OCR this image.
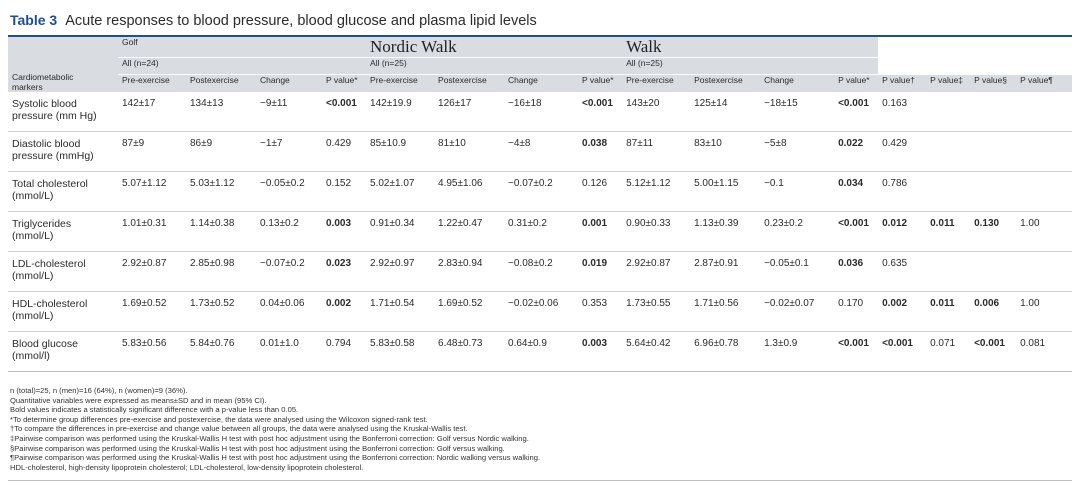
Table 3 Acute responses to blood pressure, blood glucose and plasma lipid levels
Cardiometabolic
markers	Golf				Nordic Walk				Walk							
	All (n=24)				All (n=25)				All (n=25)							
	Pre-exercise	Postexercise	Change	P value*	Pre-exercise	Postexercise	Change	P value*	Pre-exercise	Postexercise	Change	P value*	P value†	P value‡	P value§	P value¶
Systolic blood
pressure (mm Hg)	142±17	134±13	−9±11	<0.001	142±19.9	126±17	−16±18	<0.001	143±20	125±14	−18±15	<0.001	0.163			
Diastolic blood
pressure (mmHg)	87±9	86±9	−1±7	0.429	85±10.9	81±10	−4±8	0.038	87±11	83±10	−5±8	0.022	0.429			
Total cholesterol
(mmol/L)	5.07±1.12	5.03±1.12	−0.05±0.2	0.152	5.02±1.07	4.95±1.06	−0.07±0.2	0.126	5.12±1.12	5.00±1.15	−0.1	0.034	0.786			
Triglycerides
(mmol/L)	1.01±0.31	1.14±0.38	0.13±0.2	0.003	0.91±0.34	1.22±0.47	0.31±0.2	0.001	0.90±0.33	1.13±0.39	0.23±0.2	<0.001	0.012	0.011	0.130	1.00
LDL-cholesterol
(mmol/L)	2.92±0.87	2.85±0.98	−0.07±0.2	0.023	2.92±0.97	2.83±0.94	−0.08±0.2	0.019	2.92±0.87	2.87±0.91	−0.05±0.1	0.036	0.635			
HDL-cholesterol
(mmol/L)	1.69±0.52	1.73±0.52	0.04±0.06	0.002	1.71±0.54	1.69±0.52	−0.02±0.06	0.353	1.73±0.55	1.71±0.56	−0.02±0.07	0.170	0.002	0.011	0.006	1.00
Blood glucose
(mmol/l)	5.83±0.56	5.84±0.76	0.01±1.0	0.794	5.83±0.58	6.48±0.73	0.64±0.9	0.003	5.64±0.42	6.96±0.78	1.3±0.9	<0.001	<0.001	0.071	<0.001	0.081
n (total)=25, n (men)=16 (64%), n (women)=9 (36%).
Quantitative variables were expressed as means±SD and in mean (95% CI).
Bold values indicates a statistically significant difference with a p-value less than 0.05.
*To determine group differences pre-exercise and postexercise, the data were analysed using the Wilcoxon signed-rank test.
†To compare the differences in pre-exercise and change value between all groups, the data were analysed using the Kruskal-Wallis test.
‡Pairwise comparison was performed using the Kruskal-Wallis H test with post hoc adjustment using the Bonferroni correction: Golf versus Nordic walking.
§Pairwise comparison was performed using the Kruskal-Wallis H test with post hoc adjustment using the Bonferroni correction: Golf versus walking.
¶Pairwise comparison was performed using the Kruskal-Wallis H test with post hoc adjustment using the Bonferroni correction: Nordic walking versus walking.
HDL-cholesterol, high-density lipoprotein cholesterol; LDL-cholesterol, low-density lipoprotein cholesterol.
